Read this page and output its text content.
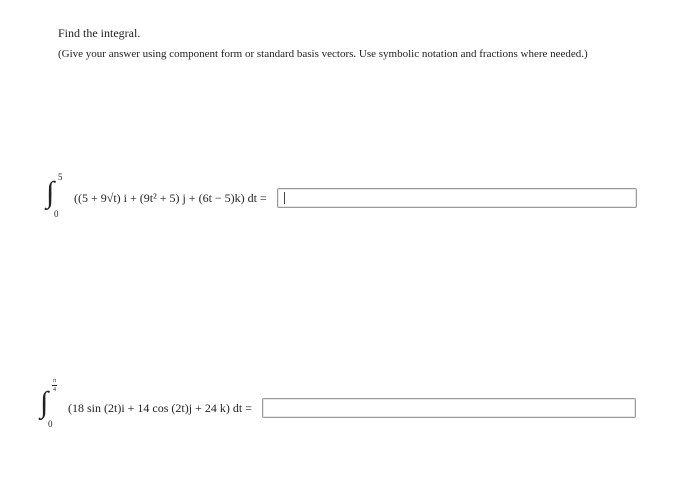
Find the integral.
(Give your answer using component form or standard basis vectors. Use symbolic notation and fractions where needed.)
∫ 5
0
((5 + 9√t) i + (9t² + 5) j + (6t − 5)k) dt =
∫
π
4
0
(18 sin (2t)i + 14 cos (2t)j + 24 k) dt =
